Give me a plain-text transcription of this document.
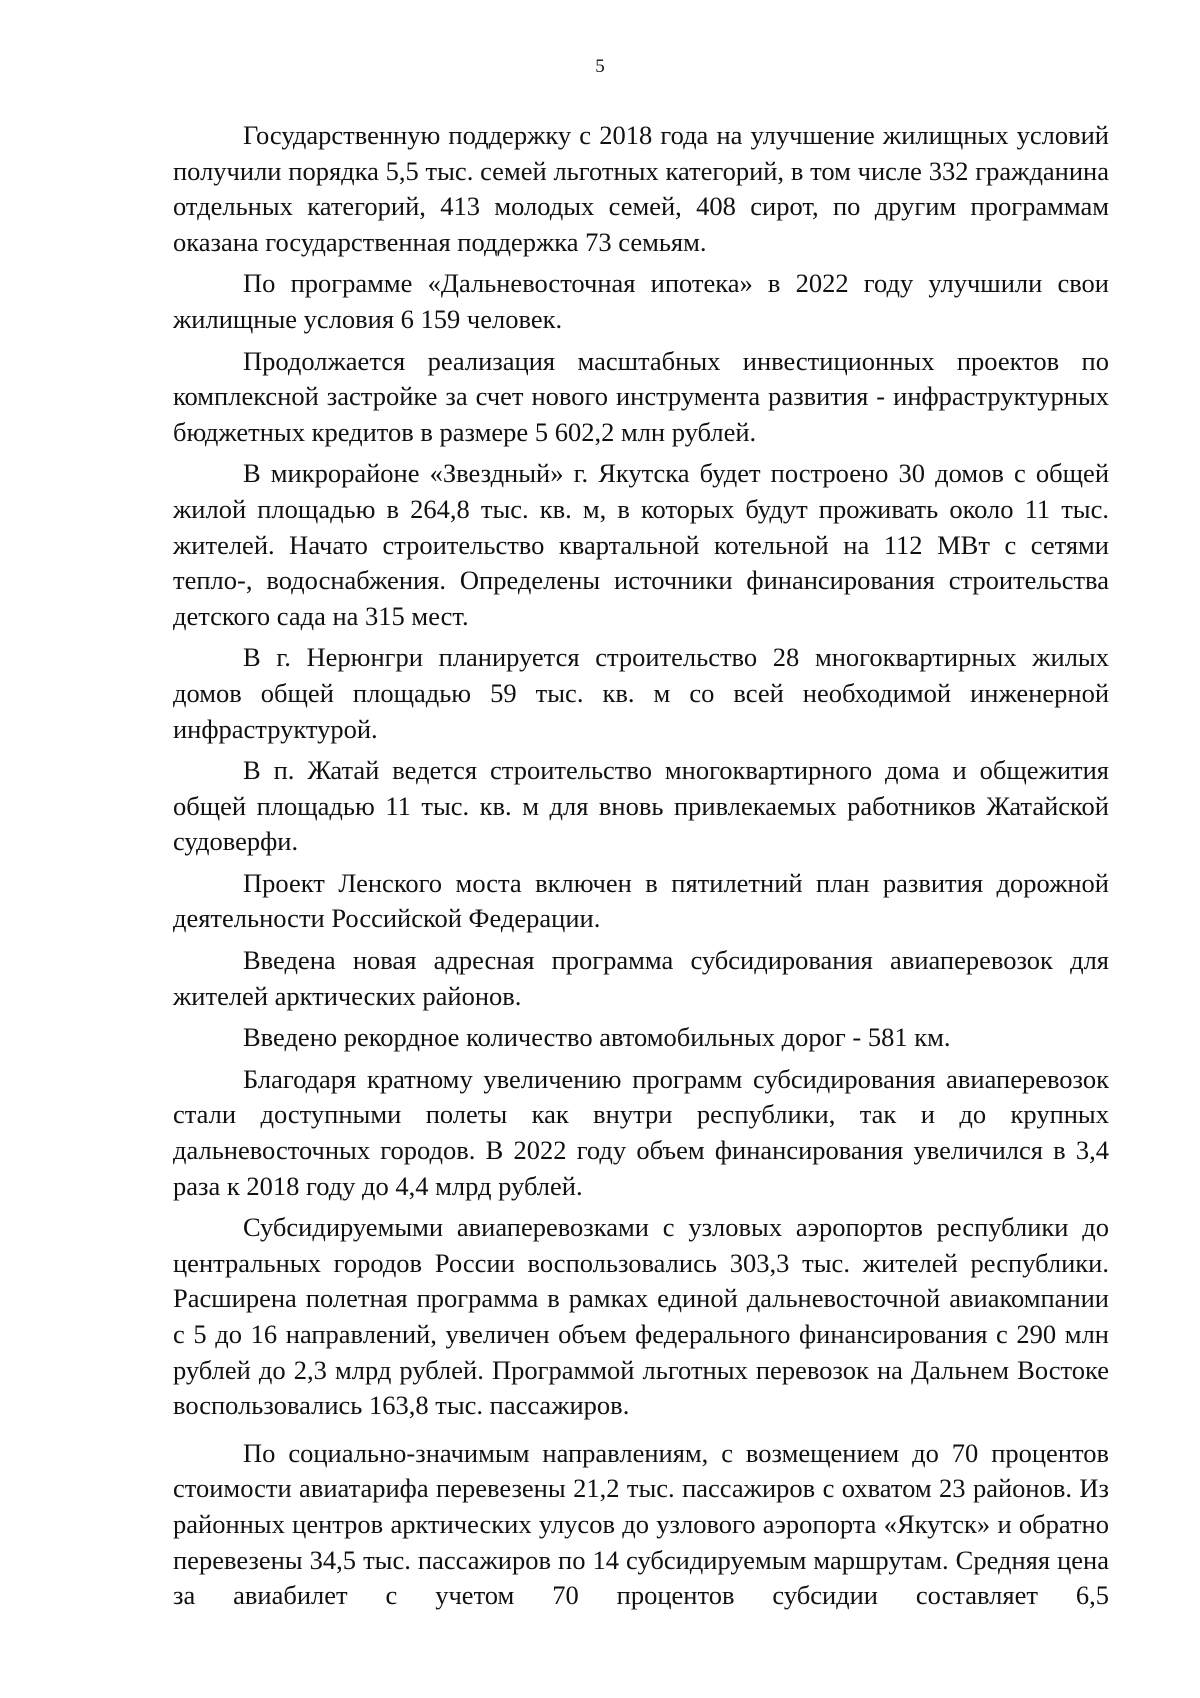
5

Государственную поддержку с 2018 года на улучшение жилищных условий получили порядка 5,5 тыс. семей льготных категорий, в том числе 332 гражданина отдельных категорий, 413 молодых семей, 408 сирот, по другим программам оказана государственная поддержка 73 семьям.

По программе «Дальневосточная ипотека» в 2022 году улучшили свои жилищные условия 6 159 человек.

Продолжается реализация масштабных инвестиционных проектов по комплексной застройке за счет нового инструмента развития - инфраструктурных бюджетных кредитов в размере 5 602,2 млн рублей.

В микрорайоне «Звездный» г. Якутска будет построено 30 домов с общей жилой площадью в 264,8 тыс. кв. м, в которых будут проживать около 11 тыс. жителей. Начато строительство квартальной котельной на 112 МВт с сетями тепло-, водоснабжения. Определены источники финансирования строительства детского сада на 315 мест.

В г. Нерюнгри планируется строительство 28 многоквартирных жилых домов общей площадью 59 тыс. кв. м со всей необходимой инженерной инфраструктурой.

В п. Жатай ведется строительство многоквартирного дома и общежития общей площадью 11 тыс. кв. м для вновь привлекаемых работников Жатайской судоверфи.

Проект Ленского моста включен в пятилетний план развития дорожной деятельности Российской Федерации.

Введена новая адресная программа субсидирования авиаперевозок для жителей арктических районов.

Введено рекордное количество автомобильных дорог - 581 км.

Благодаря кратному увеличению программ субсидирования авиаперевозок стали доступными полеты как внутри республики, так и до крупных дальневосточных городов. В 2022 году объем финансирования увеличился в 3,4 раза к 2018 году до 4,4 млрд рублей.

Субсидируемыми авиаперевозками с узловых аэропортов республики до центральных городов России воспользовались 303,3 тыс. жителей республики. Расширена полетная программа в рамках единой дальневосточной авиакомпании с 5 до 16 направлений, увеличен объем федерального финансирования с 290 млн рублей до 2,3 млрд рублей. Программой льготных перевозок на Дальнем Востоке воспользовались 163,8 тыс. пассажиров.

По социально-значимым направлениям, с возмещением до 70 процентов стоимости авиатарифа перевезены 21,2 тыс. пассажиров с охватом 23 районов. Из районных центров арктических улусов до узлового аэропорта «Якутск» и обратно перевезены 34,5 тыс. пассажиров по 14 субсидируемым маршрутам. Средняя цена за авиабилет с учетом 70 процентов субсидии составляет 6,5
